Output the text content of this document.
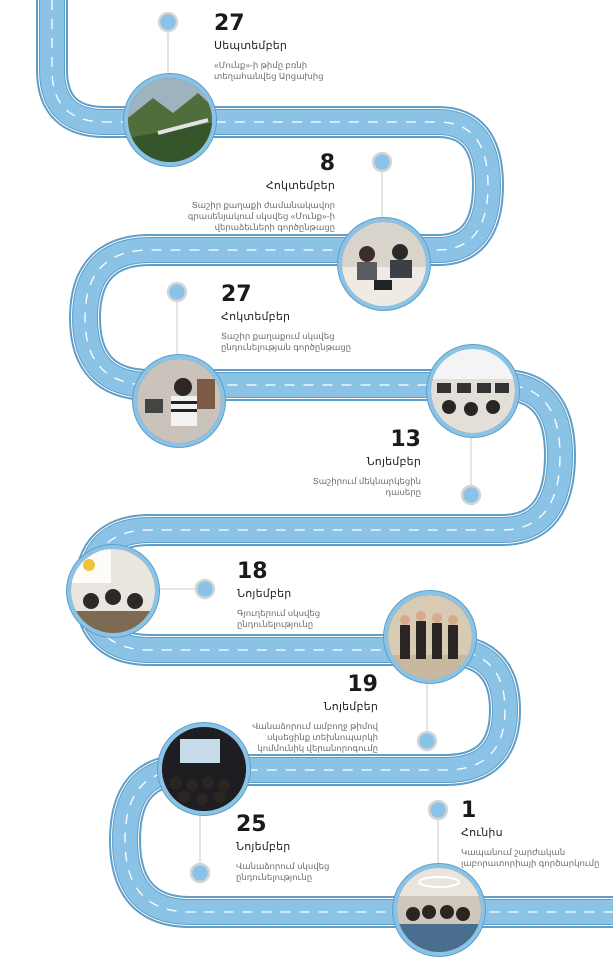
27
Սեպտեմբեր
«Մունք»-ի թիմը բռնի
տեղահանվեց Արցախից
8
Հոկտեմբեր
Տաշիր քաղաքի ժամանակավոր
գրասենյակում սկսվեց «Մունք»-ի
վերաձեւների գործընթացը
27
Հոկտեմբեր
Տաշիր քաղաքում սկսվեց
ընդունելության գործընթացը
13
Նոյեմբեր
Տաշիրում մեկնարկեցին
դասերը
18
Նոյեմբեր
Գյուղերում սկսվեց
ընդունելությունը
19
Նոյեմբեր
Վանաձորում ամբողջ թիմով
սկսեցինք տեխնոպարկի
կոմմունիկ վերանորոգումը
25
Նոյեմբեր
Վանաձորում սկսվեց
ընդունելությունը
1
Հունիս
Կապանում շարժական
լաբորատորիայի գործարկումը
